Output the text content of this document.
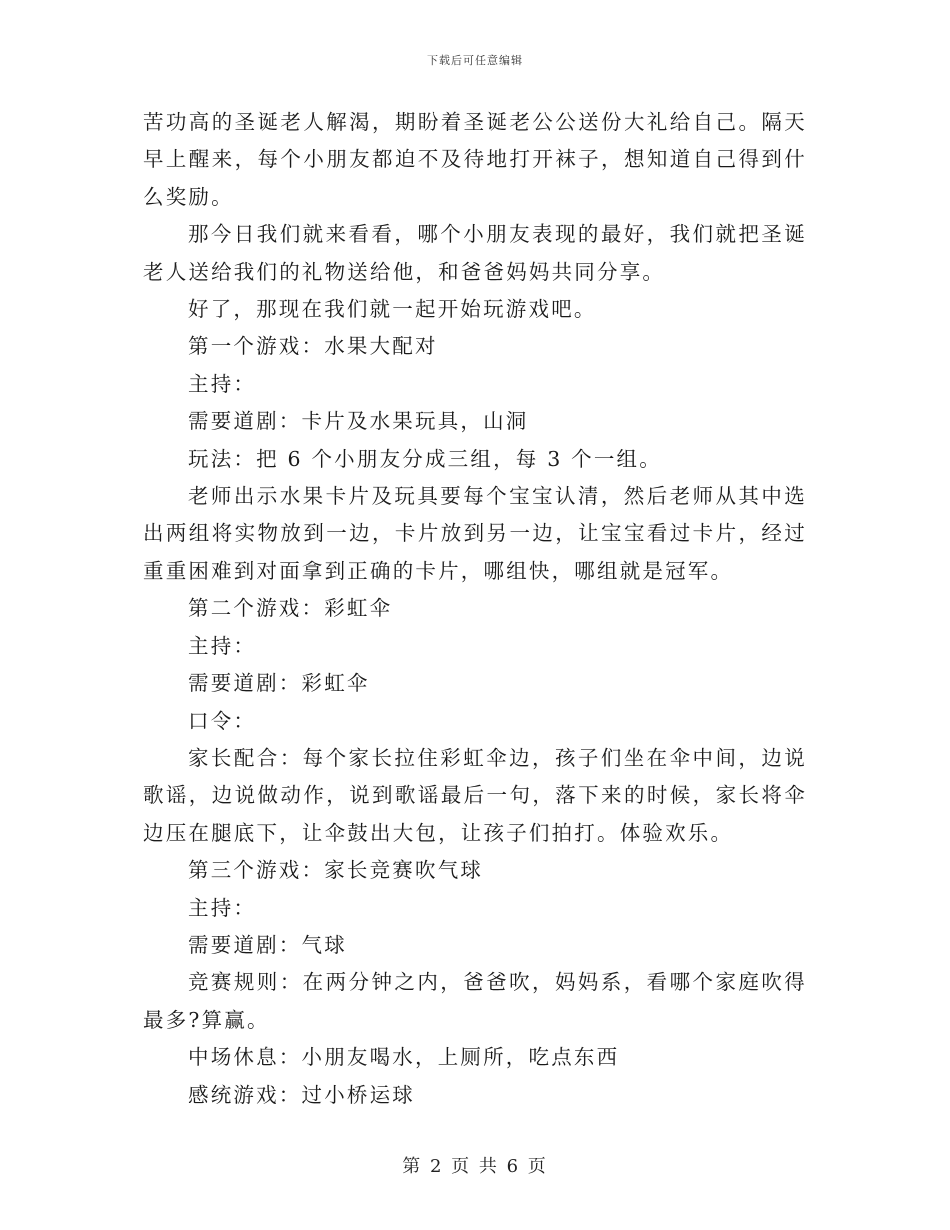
下载后可任意编辑

苦功高的圣诞老人解渴，期盼着圣诞老公公送份大礼给自己。隔天早上醒来，每个小朋友都迫不及待地打开袜子，想知道自己得到什么奖励。

那今日我们就来看看，哪个小朋友表现的最好，我们就把圣诞老人送给我们的礼物送给他，和爸爸妈妈共同分享。

好了，那现在我们就一起开始玩游戏吧。

第一个游戏：水果大配对

主持：

需要道剧：卡片及水果玩具，山洞

玩法：把 6 个小朋友分成三组，每 3 个一组。

老师出示水果卡片及玩具要每个宝宝认清，然后老师从其中选出两组将实物放到一边，卡片放到另一边，让宝宝看过卡片，经过重重困难到对面拿到正确的卡片，哪组快，哪组就是冠军。

第二个游戏：彩虹伞

主持：

需要道剧：彩虹伞

口令：

家长配合：每个家长拉住彩虹伞边，孩子们坐在伞中间，边说歌谣，边说做动作，说到歌谣最后一句，落下来的时候，家长将伞边压在腿底下，让伞鼓出大包，让孩子们拍打。体验欢乐。

第三个游戏：家长竞赛吹气球

主持：

需要道剧：气球

竞赛规则：在两分钟之内，爸爸吹，妈妈系，看哪个家庭吹得最多?算赢。

中场休息：小朋友喝水，上厕所，吃点东西

感统游戏：过小桥运球

第 2 页 共 6 页
